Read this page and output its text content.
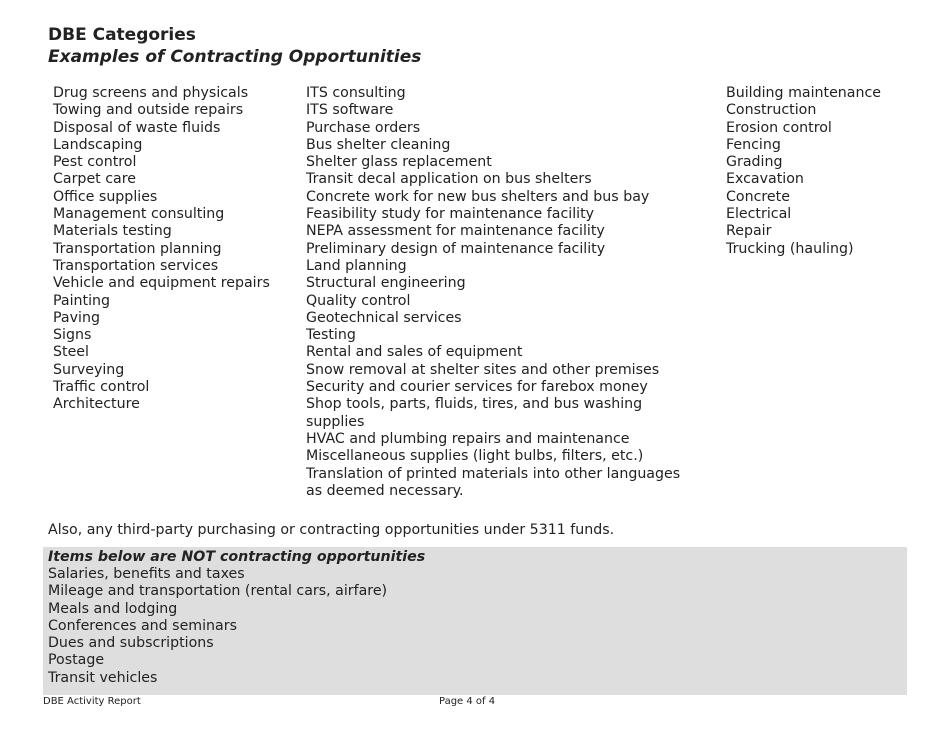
DBE Categories
Examples of Contracting Opportunities
Drug screens and physicals
Towing and outside repairs
Disposal of waste fluids
Landscaping
Pest control
Carpet care
Office supplies
Management consulting
Materials testing
Transportation planning
Transportation services
Vehicle and equipment repairs
Painting
Paving
Signs
Steel
Surveying
Traffic control
Architecture
ITS consulting
ITS software
Purchase orders
Bus shelter cleaning
Shelter glass replacement
Transit decal application on bus shelters
Concrete work for new bus shelters and bus bay
Feasibility study for maintenance facility
NEPA assessment for maintenance facility
Preliminary design of maintenance facility
Land planning
Structural engineering
Quality control
Geotechnical services
Testing
Rental and sales of equipment
Snow removal at shelter sites and other premises
Security and courier services for farebox money
Shop tools, parts, fluids, tires, and bus washing supplies
HVAC and plumbing repairs and maintenance
Miscellaneous supplies (light bulbs, filters, etc.)
Translation of printed materials into other languages as deemed necessary.
Building maintenance
Construction
Erosion control
Fencing
Grading
Excavation
Concrete
Electrical
Repair
Trucking (hauling)

Also, any third-party purchasing or contracting opportunities under 5311 funds.

Items below are NOT contracting opportunities

Salaries, benefits and taxes
Mileage and transportation (rental cars, airfare)
Meals and lodging
Conferences and seminars
Dues and subscriptions
Postage
Transit vehicles
DBE Activity Report	Page 4 of 4
